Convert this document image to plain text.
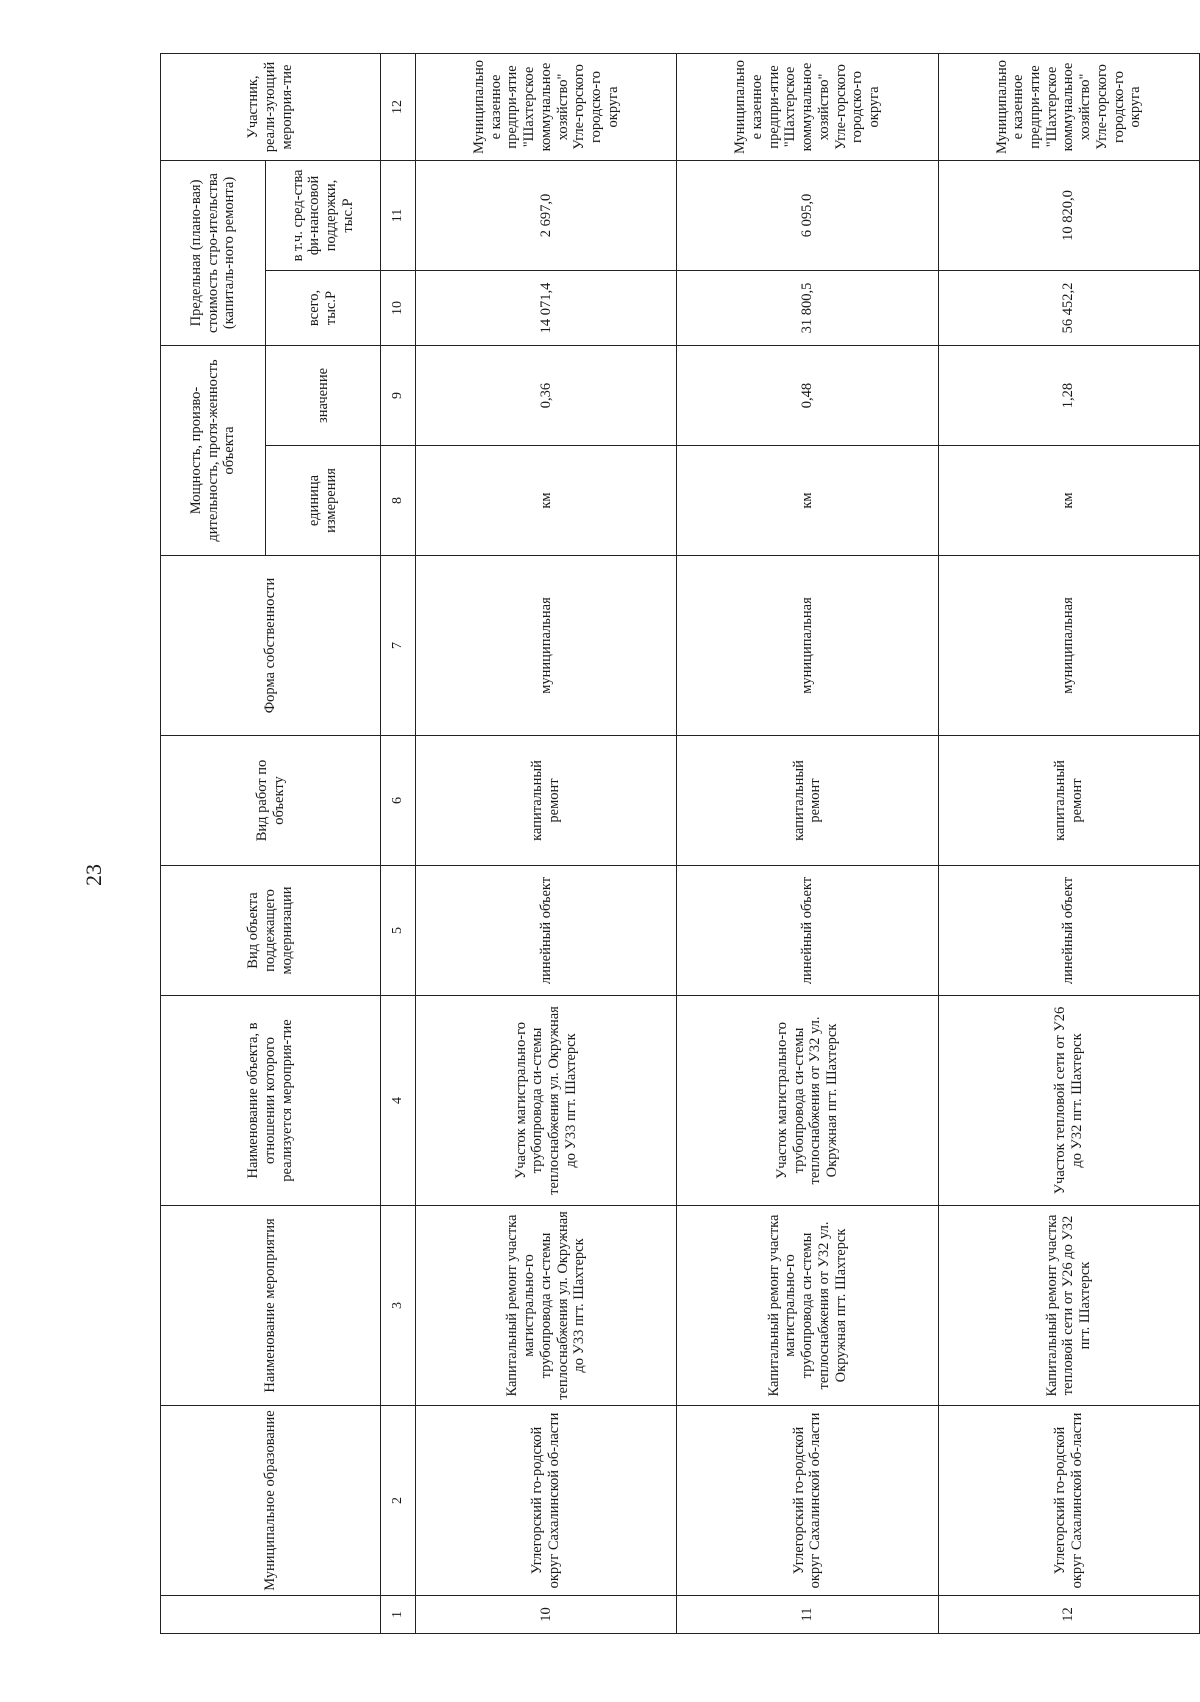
23
	Муниципальное образование	Наименование мероприятия	Наименование объекта, в отношении которого реализуется мероприя-тие	Вид объекта поддежащего модернизации	Вид работ по объекту	Форма собственности	Мощность, произво-дительность, протя-женность объекта		Предельная (плано-вая) стоимость стро-ительства (капиталь-ного ремонта)		Участник, реали-зующий мероприя-тие
							единица измерения	значение	всего, тыс.Р	в т.ч. сред-ства фи-нансовой поддержки, тыс.Р	
1	2	3	4	5	6	7	8	9	10	11	12
10	Углегорский го-родской округ Сахалинской об-ласти	Капитальный ремонт участка магистрально-го трубопровода си-стемы теплоснабжения ул. Окружная до У33 пгт. Шахтерск	Участок магистрально-го трубопровода си-стемы теплоснабжения ул. Окружная до У33 пгт. Шахтерск	линейный объект	капитальный ремонт	муниципальная	км	0,36	14 071,4	2 697,0	Муниципальное казенное предпри-ятие "Шахтерское коммунальное хозяйство" Угле-горского городско-го округа
11	Углегорский го-родской округ Сахалинской об-ласти	Капитальный ремонт участка магистрально-го трубопровода си-стемы теплоснабжения от У32 ул. Окружная пгт. Шахтерск	Участок магистрально-го трубопровода си-стемы теплоснабжения от У32 ул. Окружная пгт. Шахтерск	линейный объект	капитальный ремонт	муниципальная	км	0,48	31 800,5	6 095,0	Муниципальное казенное предпри-ятие "Шахтерское коммунальное хозяйство" Угле-горского городско-го округа
12	Углегорский го-родской округ Сахалинской об-ласти	Капитальный ремонт участка тепловой сети от У26 до У32 пгт. Шахтерск	Участок тепловой сети от У26 до У32 пгт. Шахтерск	линейный объект	капитальный ремонт	муниципальная	км	1,28	56 452,2	10 820,0	Муниципальное казенное предпри-ятие "Шахтерское коммунальное хозяйство" Угле-горского городско-го округа
